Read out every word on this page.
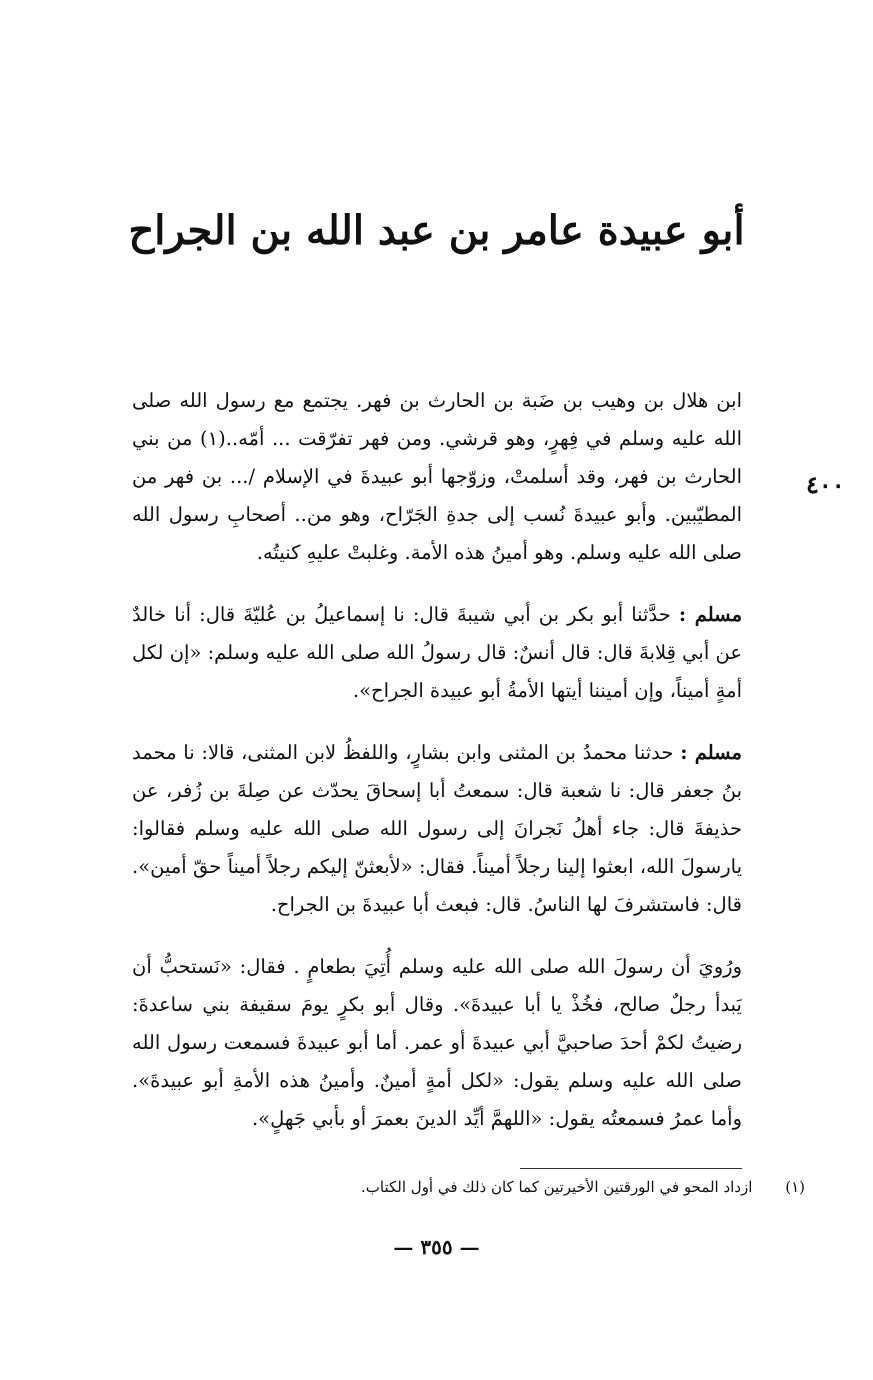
أبو عبيدة عامر بن عبد الله بن الجراح
٤٠٠

ابن هلال بن وهيب بن ضَبة بن الحارث بن فهر. يجتمع مع رسول الله صلى الله عليه وسلم في فِهرٍ، وهو قرشي. ومن فهر تفرّقت ... أمّه..(١) من بني الحارث بن فهر، وقد أسلمتْ، وزوّجها أبو عبيدةَ في الإسلام /... بن فهر من المطيّبين. وأبو عبيدةَ نُسب إلى جدةِ الجَرّاح، وهو من.. أصحابِ رسول الله صلى الله عليه وسلم. وهو أمينُ هذه الأمة. وغلبتْ عليهِ كنيتُه.

مسلم : حدَّثنا أبو بكر بن أبي شيبةَ قال: نا إسماعيلُ بن عُليّةَ قال: أنا خالدٌ عن أبي قِلابةَ قال: قال أنسٌ: قال رسولُ الله صلى الله عليه وسلم: «إن لكل أمةٍ أميناً، وإن أميننا أيتها الأمةُ أبو عبيدة الجراح».

مسلم : حدثنا محمدُ بن المثنى وابن بشارٍ، واللفظُ لابن المثنى، قالا: نا محمد بنُ جعفر قال: نا شعبة قال: سمعتُ أبا إسحاقَ يحدّث عن صِلةَ بن زُفر، عن حذيفةَ قال: جاء أهلُ نَجرانَ إلى رسول الله صلى الله عليه وسلم فقالوا: يارسولَ الله، ابعثوا إلينا رجلاً أميناً. فقال: «لأبعثنّ إليكم رجلاً أميناً حقّ أمين». قال: فاستشرفَ لها الناسُ. قال: فبعث أبا عبيدةَ بن الجراح.

ورُويَ أن رسولَ الله صلى الله عليه وسلم أُتِيَ بطعامٍ . فقال: «نَستحبُّ أن يَبدأ رجلٌ صالح، فخُذْ يا أبا عبيدةَ». وقال أبو بكرٍ يومَ سقيفة بني ساعدةَ: رضيتُ لكمْ أحدَ صاحبيَّ أبي عبيدةَ أو عمر. أما أبو عبيدةَ فسمعت رسول الله صلى الله عليه وسلم يقول: «لكل أمةٍ أمينٌ. وأمينُ هذه الأمةِ أبو عبيدةَ». وأما عمرُ فسمعتُه يقول: «اللهمَّ أيِّد الدينَ بعمرَ أو بأبي جَهلٍ».

(١) ازداد المحو في الورقتين الأخيرتين كما كان ذلك في أول الكتاب.
— ٣٥٥ —
